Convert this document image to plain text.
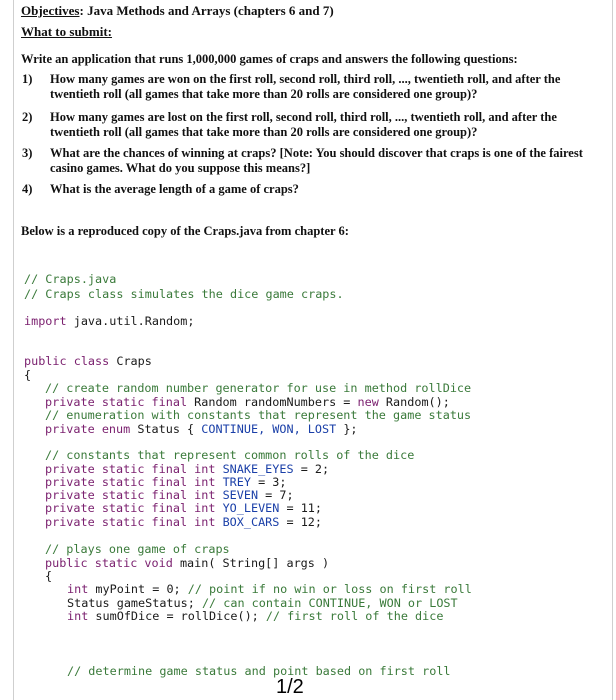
Objectives: Java Methods and Arrays (chapters 6 and 7)
What to submit:
Write an application that runs 1,000,000 games of craps and answers the following questions:
1) How many games are won on the first roll, second roll, third roll, ..., twentieth roll, and after the twentieth roll (all games that take more than 20 rolls are considered one group)?
2) How many games are lost on the first roll, second roll, third roll, ..., twentieth roll, and after the twentieth roll (all games that take more than 20 rolls are considered one group)?
3) What are the chances of winning at craps? [Note: You should discover that craps is one of the fairest casino games. What do you suppose this means?]
4) What is the average length of a game of craps?
Below is a reproduced copy of the Craps.java from chapter 6:

// Craps.java

// Craps class simulates the dice game craps.

import java.util.Random;

public class Craps

{

// create random number generator for use in method rollDice

private static final Random randomNumbers = new Random();

// enumeration with constants that represent the game status

private enum Status { CONTINUE, WON, LOST };

// constants that represent common rolls of the dice

private static final int SNAKE_EYES = 2;

private static final int TREY = 3;

private static final int SEVEN = 7;

private static final int YO_LEVEN = 11;

private static final int BOX_CARS = 12;

// plays one game of craps

public static void main( String[] args )

{

int myPoint = 0; // point if no win or loss on first roll

Status gameStatus; // can contain CONTINUE, WON or LOST

int sumOfDice = rollDice(); // first roll of the dice

// determine game status and point based on first roll

1/2
